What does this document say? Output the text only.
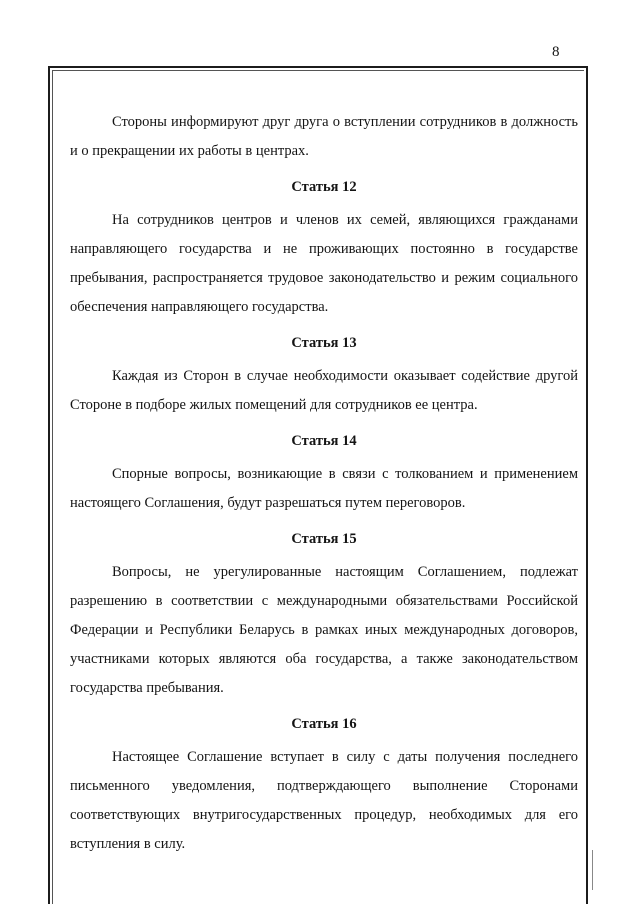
8

Стороны информируют друг друга о вступлении сотрудников в должность и о прекращении их работы в центрах.

Статья 12

На сотрудников центров и членов их семей, являющихся гражданами направляющего государства и не проживающих постоянно в государстве пребывания, распространяется трудовое законодательство и режим социального обеспечения направляющего государства.

Статья 13

Каждая из Сторон в случае необходимости оказывает содействие другой Стороне в подборе жилых помещений для сотрудников ее центра.

Статья 14

Спорные вопросы, возникающие в связи с толкованием и применением настоящего Соглашения, будут разрешаться путем переговоров.

Статья 15

Вопросы, не урегулированные настоящим Соглашением, подлежат разрешению в соответствии с международными обязательствами Российской Федерации и Республики Беларусь в рамках иных международных договоров, участниками которых являются оба государства, а также законодательством государства пребывания.

Статья 16

Настоящее Соглашение вступает в силу с даты получения последнего письменного уведомления, подтверждающего выполнение Сторонами соответствующих внутригосударственных процедур, необходимых для его вступления в силу.
